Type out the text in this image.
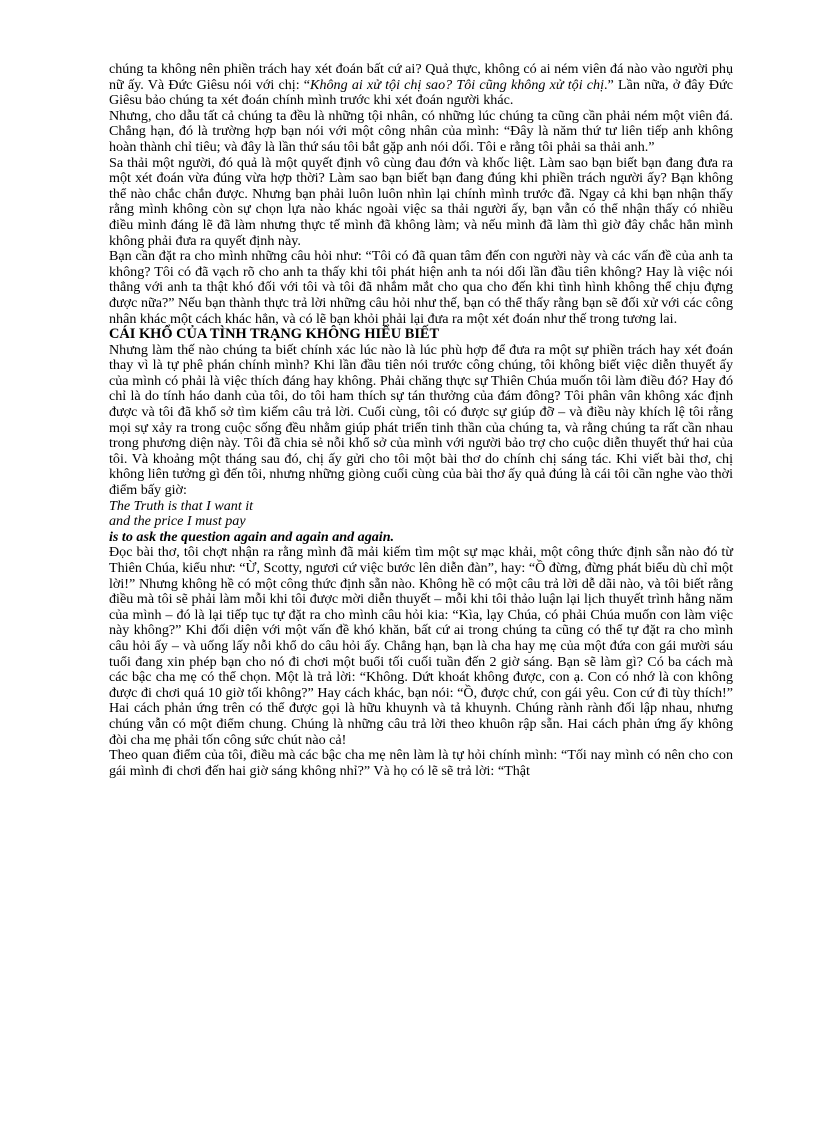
chúng ta không nên phiền trách hay xét đoán bất cứ ai? Quả thực, không có ai ném viên đá nào vào người phụ nữ ấy. Và Đức Giêsu nói với chị: “Không ai xử tội chị sao? Tôi cũng không xử tội chị.” Lần nữa, ở đây Đức Giêsu bảo chúng ta xét đoán chính mình trước khi xét đoán người khác.

Nhưng, cho dẫu tất cả chúng ta đều là những tội nhân, có những lúc chúng ta cũng cần phải ném một viên đá. Chẳng hạn, đó là trường hợp bạn nói với một công nhân của mình: “Đây là năm thứ tư liên tiếp anh không hoàn thành chỉ tiêu; và đây là lần thứ sáu tôi bắt gặp anh nói dối. Tôi e rằng tôi phải sa thải anh.”

Sa thải một người, đó quả là một quyết định vô cùng đau đớn và khốc liệt. Làm sao bạn biết bạn đang đưa ra một xét đoán vừa đúng vừa hợp thời? Làm sao bạn biết bạn đang đúng khi phiền trách người ấy? Bạn không thể nào chắc chắn được. Nhưng bạn phải luôn luôn nhìn lại chính mình trước đã. Ngay cả khi bạn nhận thấy rằng mình không còn sự chọn lựa nào khác ngoài việc sa thải người ấy, bạn vẫn có thể nhận thấy có nhiều điều mình đáng lẽ đã làm nhưng thực tế mình đã không làm; và nếu mình đã làm thì giờ đây chắc hẳn mình không phải đưa ra quyết định này.

Bạn cần đặt ra cho mình những câu hỏi như: “Tôi có đã quan tâm đến con người này và các vấn đề của anh ta không? Tôi có đã vạch rõ cho anh ta thấy khi tôi phát hiện anh ta nói dối lần đầu tiên không? Hay là việc nói thẳng với anh ta thật khó đối với tôi và tôi đã nhắm mắt cho qua cho đến khi tình hình không thể chịu đựng được nữa?” Nếu bạn thành thực trả lời những câu hỏi như thế, bạn có thể thấy rằng bạn sẽ đối xử với các công nhân khác một cách khác hẳn, và có lẽ bạn khỏi phải lại đưa ra một xét đoán như thế trong tương lai.

CÁI KHỔ CỦA TÌNH TRẠNG KHÔNG HIỂU BIẾT

Nhưng làm thế nào chúng ta biết chính xác lúc nào là lúc phù hợp để đưa ra một sự phiền trách hay xét đoán thay vì là tự phê phán chính mình? Khi lần đầu tiên nói trước công chúng, tôi không biết việc diễn thuyết ấy của mình có phải là việc thích đáng hay không. Phải chăng thực sự Thiên Chúa muốn tôi làm điều đó? Hay đó chỉ là do tính háo danh của tôi, do tôi ham thích sự tán thưởng của đám đông? Tôi phân vân không xác định được và tôi đã khổ sở tìm kiếm câu trả lời. Cuối cùng, tôi có được sự giúp đỡ – và điều này khích lệ tôi rằng mọi sự xảy ra trong cuộc sống đều nhằm giúp phát triển tinh thần của chúng ta, và rằng chúng ta rất cần nhau trong phương diện này. Tôi đã chia sẻ nỗi khổ sở của mình với người bảo trợ cho cuộc diễn thuyết thứ hai của tôi. Và khoảng một tháng sau đó, chị ấy gửi cho tôi một bài thơ do chính chị sáng tác. Khi viết bài thơ, chị không liên tưởng gì đến tôi, nhưng những giòng cuối cùng của bài thơ ấy quả đúng là cái tôi cần nghe vào thời điểm bấy giờ:

The Truth is that I want it

and the price I must pay

is to ask the question again and again and again.

Đọc bài thơ, tôi chợt nhận ra rằng mình đã mải kiếm tìm một sự mạc khải, một công thức định sẵn nào đó từ Thiên Chúa, kiểu như: “Ừ, Scotty, ngươi cứ việc bước lên diễn đàn”, hay: “Ồ đừng, đừng phát biểu dù chỉ một lời!” Nhưng không hề có một công thức định sẵn nào. Không hề có một câu trả lời dễ dãi nào, và tôi biết rằng điều mà tôi sẽ phải làm mỗi khi tôi được mời diễn thuyết – mỗi khi tôi thảo luận lại lịch thuyết trình hằng năm của mình – đó là lại tiếp tục tự đặt ra cho mình câu hỏi kia: “Kìa, lạy Chúa, có phải Chúa muốn con làm việc này không?” Khi đối diện với một vấn đề khó khăn, bất cứ ai trong chúng ta cũng có thể tự đặt ra cho mình câu hỏi ấy – và uống lấy nỗi khổ do câu hỏi ấy. Chẳng hạn, bạn là cha hay mẹ của một đứa con gái mười sáu tuổi đang xin phép bạn cho nó đi chơi một buổi tối cuối tuần đến 2 giờ sáng. Bạn sẽ làm gì? Có ba cách mà các bậc cha mẹ có thể chọn. Một là trả lời: “Không. Dứt khoát không được, con ạ. Con có nhớ là con không được đi chơi quá 10 giờ tối không?” Hay cách khác, bạn nói: “Ồ, được chứ, con gái yêu. Con cứ đi tùy thích!” Hai cách phản ứng trên có thể được gọi là hữu khuynh và tả khuynh. Chúng rành rành đối lập nhau, nhưng chúng vẫn có một điểm chung. Chúng là những câu trả lời theo khuôn rập sẵn. Hai cách phản ứng ấy không đòi cha mẹ phải tốn công sức chút nào cả!

Theo quan điểm của tôi, điều mà các bậc cha mẹ nên làm là tự hỏi chính mình: “Tối nay mình có nên cho con gái mình đi chơi đến hai giờ sáng không nhỉ?” Và họ có lẽ sẽ trả lời: “Thật
